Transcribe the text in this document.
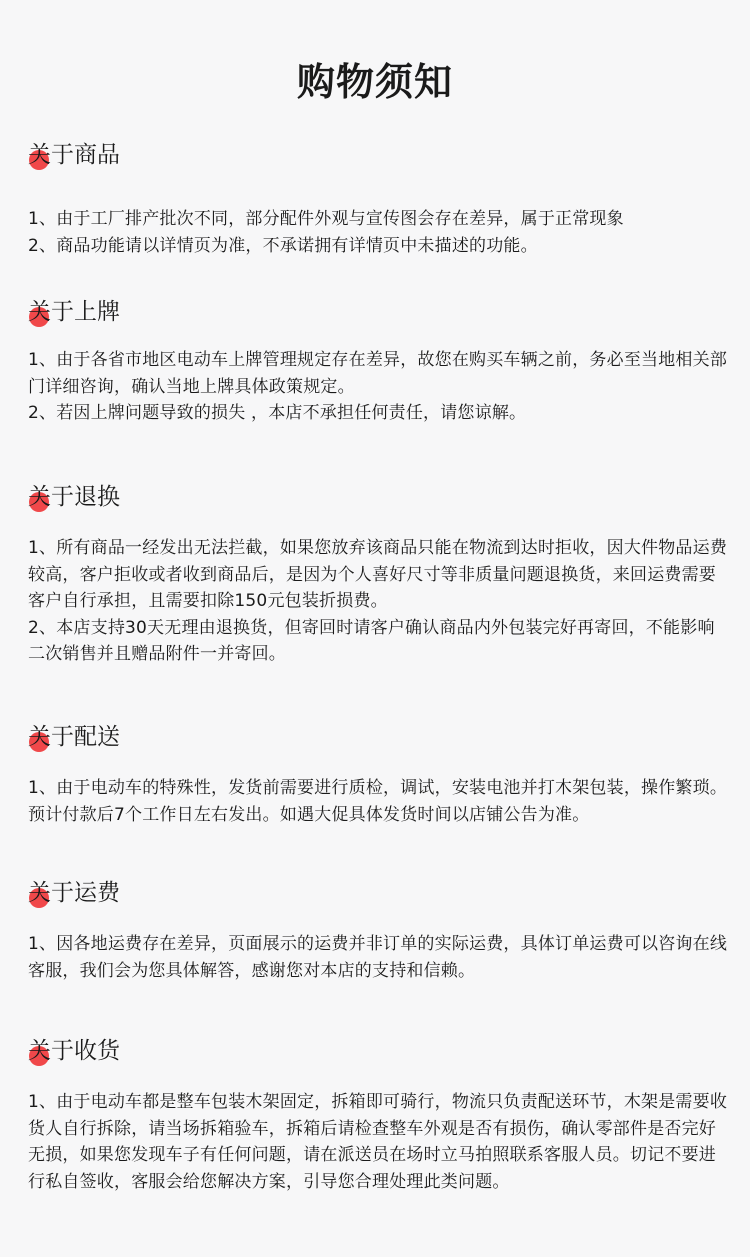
购物须知
关于商品

1、由于工厂排产批次不同，部分配件外观与宣传图会存在差异，属于正常现象

2、商品功能请以详情页为准，不承诺拥有详情页中未描述的功能。

关于上牌

1、由于各省市地区电动车上牌管理规定存在差异，故您在购买车辆之前，务必至当地相关部门详细咨询，确认当地上牌具体政策规定。

2、若因上牌问题导致的损失 ，本店不承担任何责任，请您谅解。

关于退换

1、所有商品一经发出无法拦截，如果您放弃该商品只能在物流到达时拒收，因大件物品运费较高，客户拒收或者收到商品后，是因为个人喜好尺寸等非质量问题退换货，来回运费需要客户自行承担，且需要扣除150元包装折损费。

2、本店支持30天无理由退换货，但寄回时请客户确认商品内外包装完好再寄回，不能影响二次销售并且赠品附件一并寄回。

关于配送

1、由于电动车的特殊性，发货前需要进行质检，调试，安装电池并打木架包装，操作繁琐。预计付款后7个工作日左右发出。如遇大促具体发货时间以店铺公告为准。

关于运费

1、因各地运费存在差异，页面展示的运费并非订单的实际运费，具体订单运费可以咨询在线客服，我们会为您具体解答，感谢您对本店的支持和信赖。

关于收货

1、由于电动车都是整车包装木架固定，拆箱即可骑行，物流只负责配送环节，木架是需要收货人自行拆除，请当场拆箱验车，拆箱后请检查整车外观是否有损伤，确认零部件是否完好无损，如果您发现车子有任何问题，请在派送员在场时立马拍照联系客服人员。切记不要进行私自签收，客服会给您解决方案，引导您合理处理此类问题。
